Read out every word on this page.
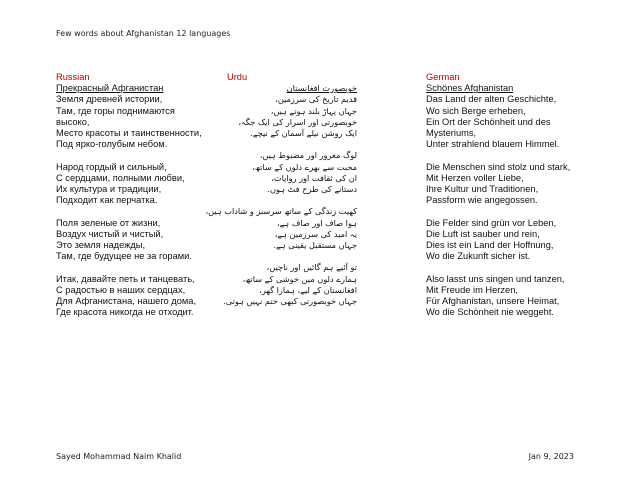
Few words about Afghanistan 12 languages
Russian
Прекрасный Афганистан
Земля древней истории,
Там, где горы поднимаются
высоко,
Место красоты и таинственности,
Под ярко-голубым небом.
Народ гордый и сильный,
С сердцами, полными любви,
Их культура и традиции,
Подходит как перчатка.
Поля зеленые от жизни,
Воздух чистый и чистый,
Это земля надежды,
Там, где будущее не за горами.
Итак, давайте петь и танцевать,
С радостью в наших сердцах,
Для Афганистана, нашего дома,
Где красота никогда не отходит.
Urdu
خوبصورت افغانستان
قدیم تاریخ کی سرزمین،
جہاں پہاڑ بلند ہوتے ہیں،
خوبصورتی اور اسرار کی ایک جگہ،
ایک روشن نیلے آسمان کے نیچے.
لوگ مغرور اور مضبوط ہیں،
محبت سے بھرے دلوں کے ساتھ،
ان کی ثقافت اور روایات،
دستانے کی طرح فٹ ہوں.
کھیت زندگی کے ساتھ سرسبز و شاداب ہیں،
ہوا صاف اور صاف ہے،
یہ امید کی سرزمین ہے،
جہاں مستقبل یقینی ہے.
تو آئیے ہم گائیں اور ناچیں،
ہمارے دلوں میں خوشی کے ساتھ،
افغانستان کے لیے، ہمارا گھر،
جہاں خوبصورتی کبھی ختم نہیں ہوتی.
German
Schönes Afghanistan
Das Land der alten Geschichte,
Wo sich Berge erheben,
Ein Ort der Schönheit und des
Mysteriums,
Unter strahlend blauem Himmel.
Die Menschen sind stolz und stark,
Mit Herzen voller Liebe,
Ihre Kultur und Traditionen,
Passform wie angegossen.
Die Felder sind grün vor Leben,
Die Luft ist sauber und rein,
Dies ist ein Land der Hoffnung,
Wo die Zukunft sicher ist.
Also lasst uns singen und tanzen,
Mit Freude im Herzen,
Für Afghanistan, unsere Heimat,
Wo die Schönheit nie weggeht.
Sayed Mohammad Naim Khalid	Jan 9, 2023
